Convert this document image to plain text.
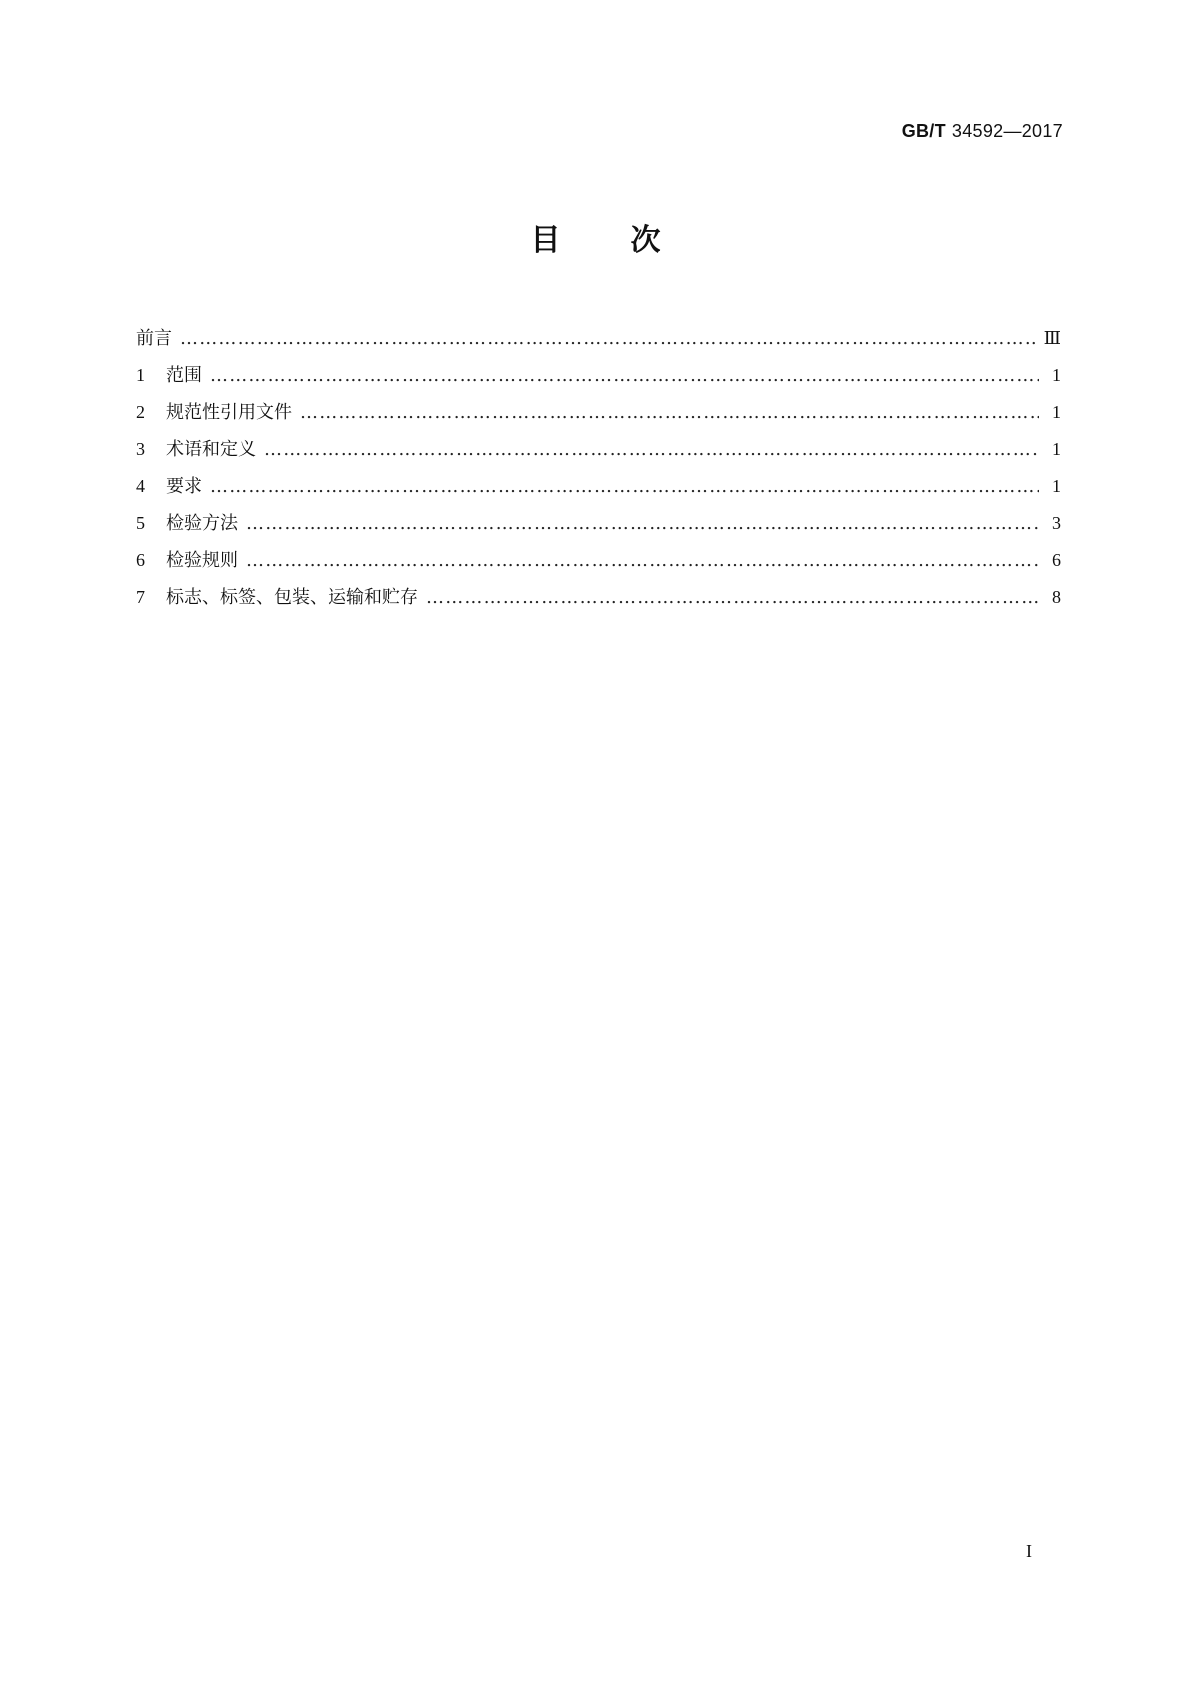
GB/T 34592—2017
目次
前言 …………………………………………………………………………………………………………………………………………………………………………………	Ⅲ
1	范围 …………………………………………………………………………………………………………………………………………………………………………………	1
2	规范性引用文件 …………………………………………………………………………………………………………………………………………………………………………………	1
3	术语和定义 …………………………………………………………………………………………………………………………………………………………………………………	1
4	要求 …………………………………………………………………………………………………………………………………………………………………………………	1
5	检验方法 …………………………………………………………………………………………………………………………………………………………………………………	3
6	检验规则 …………………………………………………………………………………………………………………………………………………………………………………	6
7	标志、标签、包装、运输和贮存 …………………………………………………………………………………………………………………………………………………………………………………	8
I
